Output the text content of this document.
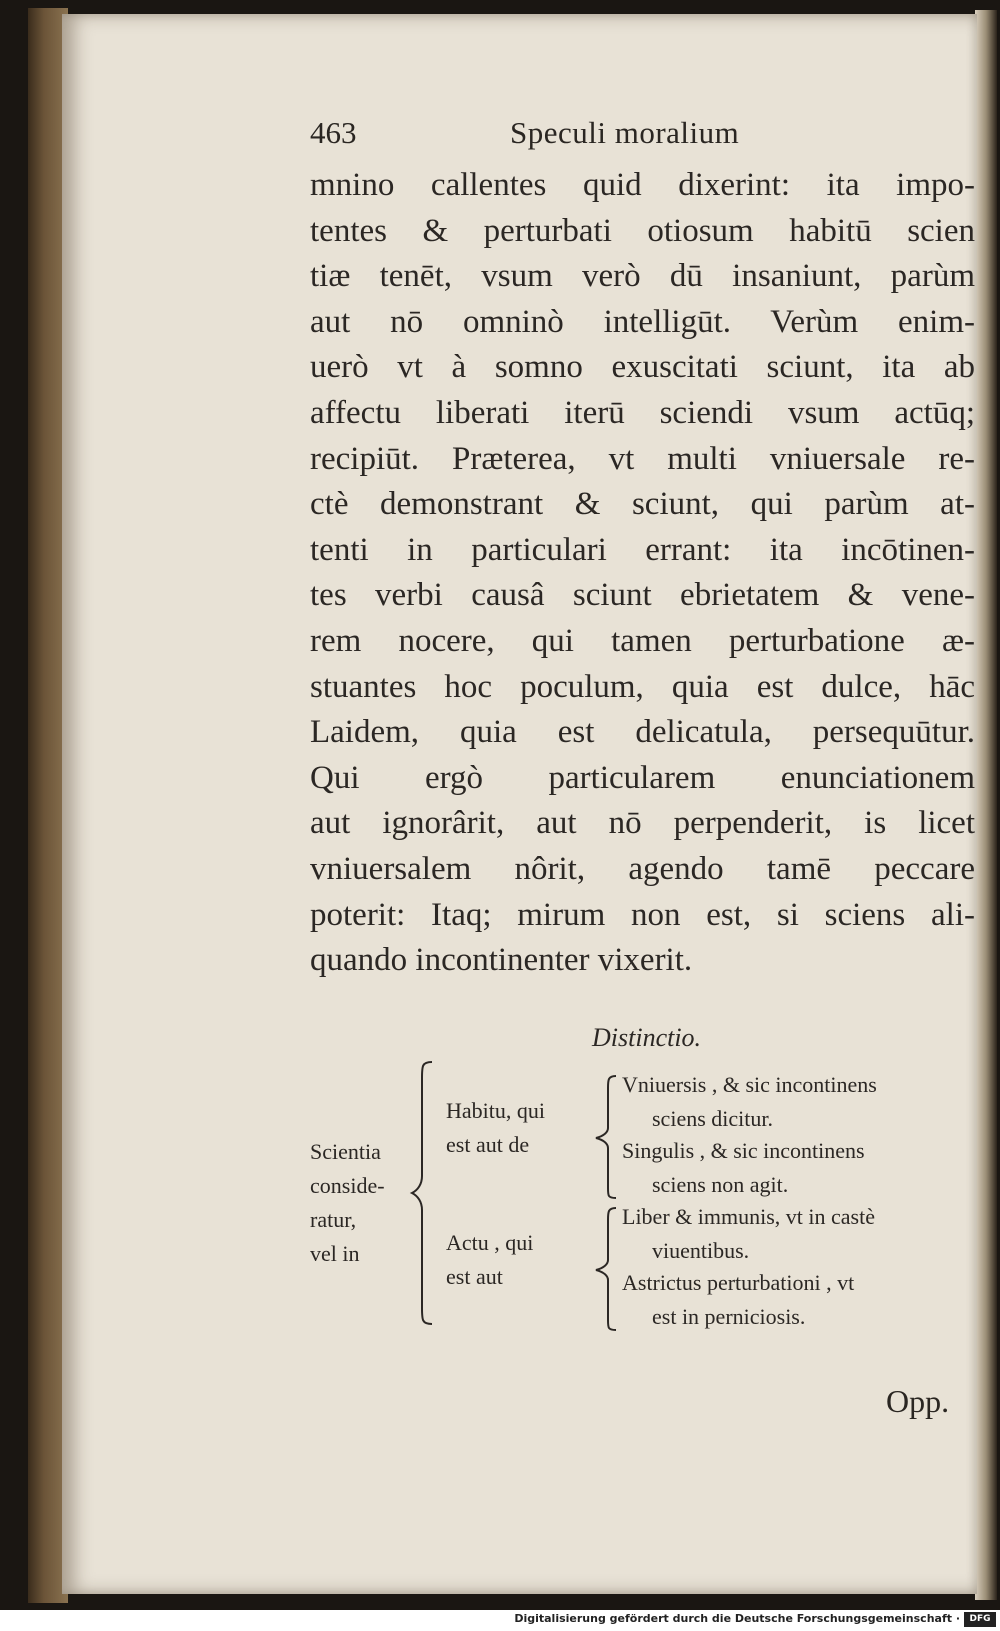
463	Speculi moralium
mnino callentes quid dixerint: ita impo-
tentes & perturbati otiosum habitū scien
tiæ tenēt, vsum verò dū insaniunt, parùm
aut nō omninò intelligūt. Verùm enim-
uerò vt à somno exuscitati sciunt, ita ab
affectu liberati iterū sciendi vsum actūq;
recipiūt. Præterea, vt multi vniuersale re-
ctè demonstrant & sciunt, qui parùm at-
tenti in particulari errant: ita incōtinen-
tes verbi causâ sciunt ebrietatem & vene-
rem nocere, qui tamen perturbatione æ-
stuantes hoc poculum, quia est dulce, hāc
Laidem, quia est delicatula, persequūtur.
Qui ergò particularem enunciationem
aut ignorârit, aut nō perpenderit, is licet
vniuersalem nôrit, agendo tamē peccare
poterit: Itaq; mirum non est, si sciens ali-
quando incontinenter vixerit.
Distinctio.
Scientia
conside-
ratur,
vel in
Habitu, qui
est aut de
Actu , qui
est aut
Vniuersis , & sic incontinens
sciens dicitur.
Singulis , & sic incontinens
sciens non agit.
Liber & immunis, vt in castè
viuentibus.
Astrictus perturbationi , vt
est in perniciosis.
Opp.
Digitalisierung gefördert durch die Deutsche Forschungsgemeinschaft ·	DFG
